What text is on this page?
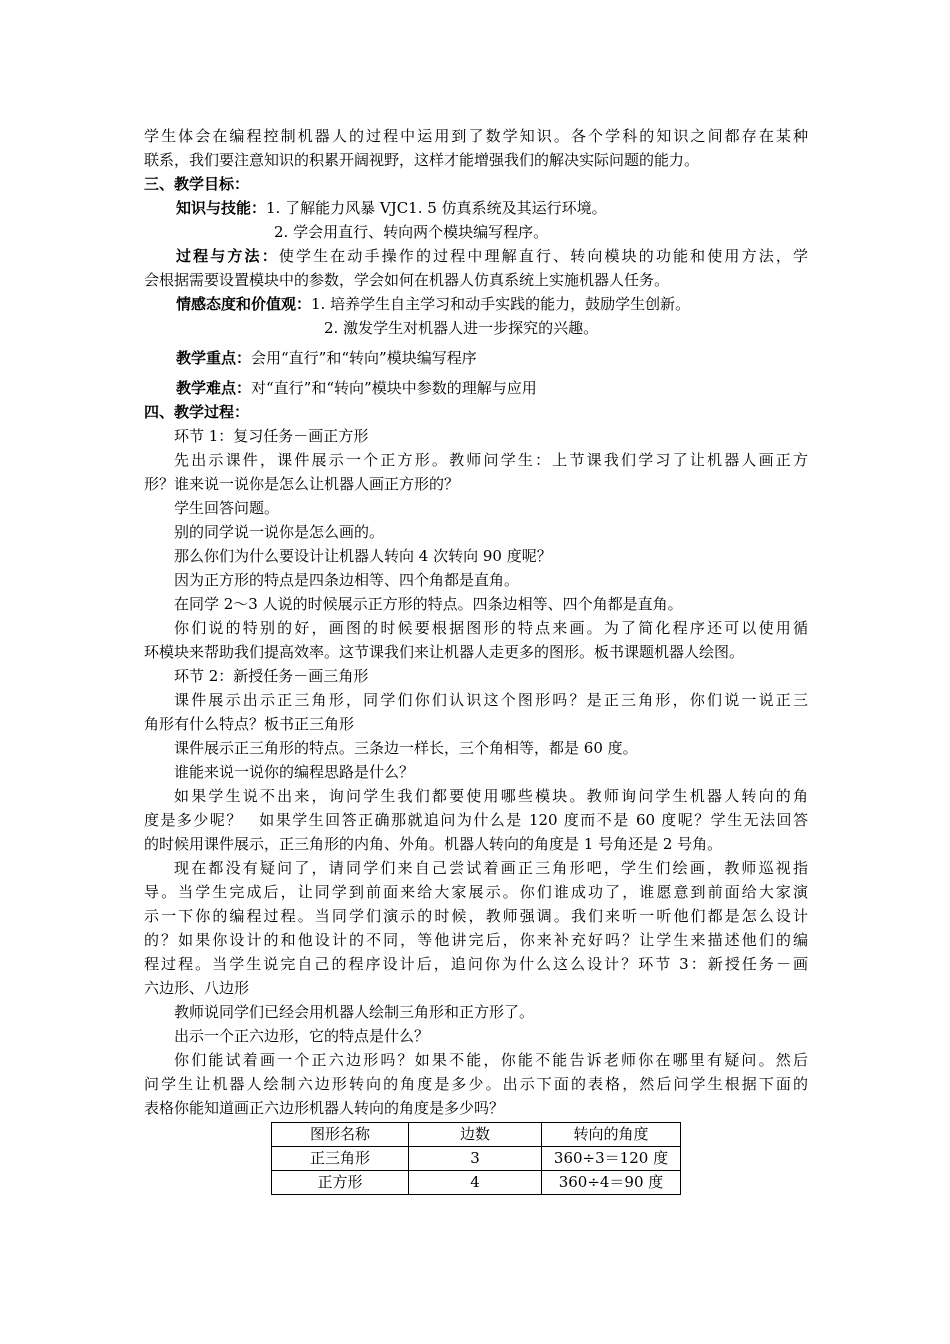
学生体会在编程控制机器人的过程中运用到了数学知识。各个学科的知识之间都存在某种
联系，我们要注意知识的积累开阔视野，这样才能增强我们的解决实际问题的能力。
三、教学目标：
知识与技能：1. 了解能力风暴 VJC1. 5 仿真系统及其运行环境。
2. 学会用直行、转向两个模块编写程序。
过程与方法：使学生在动手操作的过程中理解直行、转向模块的功能和使用方法，学
会根据需要设置模块中的参数，学会如何在机器人仿真系统上实施机器人任务。
情感态度和价值观：1. 培养学生自主学习和动手实践的能力，鼓励学生创新。
2. 激发学生对机器人进一步探究的兴趣。
教学重点：会用“直行”和“转向”模块编写程序
教学难点：对“直行”和“转向”模块中参数的理解与应用
四、教学过程：
环节 1：复习任务－画正方形
先出示课件，课件展示一个正方形。教师问学生：上节课我们学习了让机器人画正方
形？谁来说一说你是怎么让机器人画正方形的？
学生回答问题。
别的同学说一说你是怎么画的。
那么你们为什么要设计让机器人转向 4 次转向 90 度呢？
因为正方形的特点是四条边相等、四个角都是直角。
在同学 2～3 人说的时候展示正方形的特点。四条边相等、四个角都是直角。
你们说的特别的好，画图的时候要根据图形的特点来画。为了简化程序还可以使用循
环模块来帮助我们提高效率。这节课我们来让机器人走更多的图形。板书课题机器人绘图。
环节 2：新授任务－画三角形
课件展示出示正三角形，同学们你们认识这个图形吗？是正三角形，你们说一说正三
角形有什么特点？板书正三角形
课件展示正三角形的特点。三条边一样长，三个角相等，都是 60 度。
谁能来说一说你的编程思路是什么？
如果学生说不出来，询问学生我们都要使用哪些模块。教师询问学生机器人转向的角
度是多少呢？　如果学生回答正确那就追问为什么是 120 度而不是 60 度呢？学生无法回答
的时候用课件展示，正三角形的内角、外角。机器人转向的角度是 1 号角还是 2 号角。
现在都没有疑问了，请同学们来自己尝试着画正三角形吧，学生们绘画，教师巡视指
导。当学生完成后，让同学到前面来给大家展示。你们谁成功了，谁愿意到前面给大家演
示一下你的编程过程。当同学们演示的时候，教师强调。我们来听一听他们都是怎么设计
的？如果你设计的和他设计的不同，等他讲完后，你来补充好吗？让学生来描述他们的编
程过程。当学生说完自己的程序设计后，追问你为什么这么设计？环节 3：新授任务－画
六边形、八边形
教师说同学们已经会用机器人绘制三角形和正方形了。
出示一个正六边形，它的特点是什么？
你们能试着画一个正六边形吗？如果不能，你能不能告诉老师你在哪里有疑问。然后
问学生让机器人绘制六边形转向的角度是多少。出示下面的表格，然后问学生根据下面的
表格你能知道画正六边形机器人转向的角度是多少吗？
图形名称	边数	转向的角度
正三角形	3	360÷3＝120 度
正方形	4	360÷4＝90 度
